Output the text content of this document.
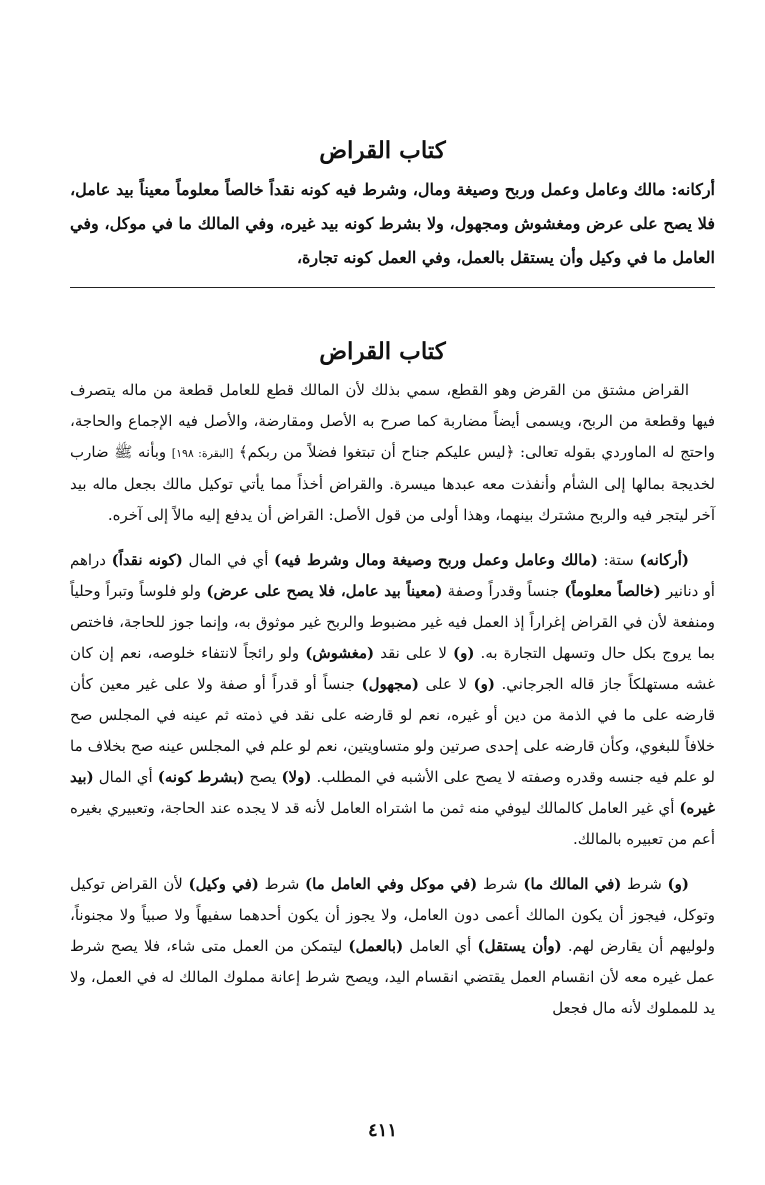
كتاب القراض
أركانه: مالك وعامل وعمل وربح وصيغة ومال، وشرط فيه كونه نقداً خالصاً معلوماً معيناً بيد عامل، فلا يصح على عرض ومغشوش ومجهول، ولا بشرط كونه بيد غيره، وفي المالك ما في موكل، وفي العامل ما في وكيل وأن يستقل بالعمل، وفي العمل كونه تجارة،
كتاب القراض

القراض مشتق من القرض وهو القطع، سمي بذلك لأن المالك قطع للعامل قطعة من ماله يتصرف فيها وقطعة من الربح، ويسمى أيضاً مضاربة كما صرح به الأصل ومقارضة، والأصل فيه الإجماع والحاجة، واحتج له الماوردي بقوله تعالى: ﴿ليس عليكم جناح أن تبتغوا فضلاً من ربكم﴾ [البقرة: ١٩٨] وبأنه ﷺ ضارب لخديجة بمالها إلى الشأم وأنفذت معه عبدها ميسرة. والقراض أخذاً مما يأتي توكيل مالك بجعل ماله بيد آخر ليتجر فيه والربح مشترك بينهما، وهذا أولى من قول الأصل: القراض أن يدفع إليه مالاً إلى آخره.

(أركانه) ستة: (مالك وعامل وعمل وربح وصيغة ومال وشرط فيه) أي في المال (كونه نقداً) دراهم أو دنانير (خالصاً معلوماً) جنساً وقدراً وصفة (معيناً بيد عامل، فلا يصح على عرض) ولو فلوساً وتبراً وحلياً ومنفعة لأن في القراض إغراراً إذ العمل فيه غير مضبوط والربح غير موثوق به، وإنما جوز للحاجة، فاختص بما يروج بكل حال وتسهل التجارة به. (و) لا على نقد (مغشوش) ولو رائجاً لانتفاء خلوصه، نعم إن كان غشه مستهلكاً جاز قاله الجرجاني. (و) لا على (مجهول) جنساً أو قدراً أو صفة ولا على غير معين كأن قارضه على ما في الذمة من دين أو غيره، نعم لو قارضه على نقد في ذمته ثم عينه في المجلس صح خلافاً للبغوي، وكأن قارضه على إحدى صرتين ولو متساويتين، نعم لو علم في المجلس عينه صح بخلاف ما لو علم فيه جنسه وقدره وصفته لا يصح على الأشبه في المطلب. (ولا) يصح (بشرط كونه) أي المال (بيد غيره) أي غير العامل كالمالك ليوفي منه ثمن ما اشتراه العامل لأنه قد لا يجده عند الحاجة، وتعبيري بغيره أعم من تعبيره بالمالك.

(و) شرط (في المالك ما) شرط (في موكل وفي العامل ما) شرط (في وكيل) لأن القراض توكيل وتوكل، فيجوز أن يكون المالك أعمى دون العامل، ولا يجوز أن يكون أحدهما سفيهاً ولا صبياً ولا مجنوناً، ولوليهم أن يقارض لهم. (وأن يستقل) أي العامل (بالعمل) ليتمكن من العمل متى شاء، فلا يصح شرط عمل غيره معه لأن انقسام العمل يقتضي انقسام اليد، ويصح شرط إعانة مملوك المالك له في العمل، ولا يد للمملوك لأنه مال فجعل

٤١١
